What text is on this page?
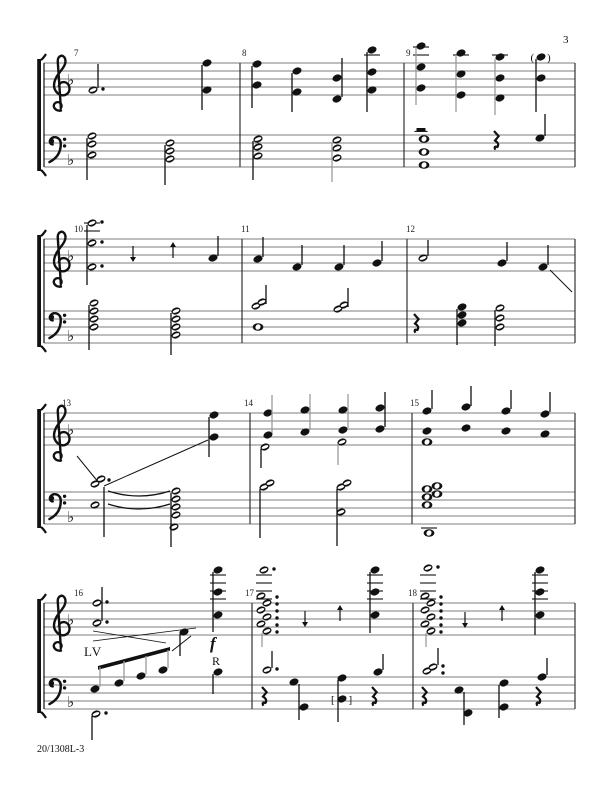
3
♭
♭
7	8	9	( )
♭
♭
10	11	12
♭
♭
13	14	15
♭
♭
16	17	18
LV	f
R
[ ]
20/1308L-3
